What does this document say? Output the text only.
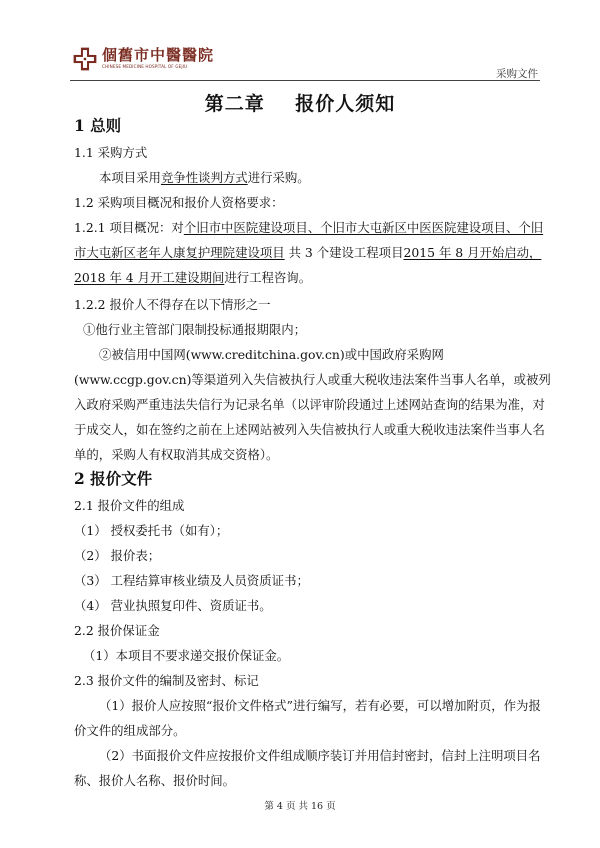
個舊市中醫醫院
CHINESE MEDICINE HOSPITAL OF GEJIU
采购文件
第二章    报价人须知
1 总则

1.1 采购方式

本项目采用竞争性谈判方式进行采购。

1.2 采购项目概况和报价人资格要求：

1.2.1 项目概况：对个旧市中医院建设项目、个旧市大屯新区中医医院建设项目、个旧市大屯新区老年人康复护理院建设项目 共 3 个建设工程项目2015 年 8 月开始启动，2018 年 4 月开工建设期间进行工程咨询。

1.2.2 报价人不得存在以下情形之一

①他行业主管部门限制投标通报期限内；

②被信用中国网(www.creditchina.gov.cn)或中国政府采购网(www.ccgp.gov.cn)等渠道列入失信被执行人或重大税收违法案件当事人名单，或被列入政府采购严重违法失信行为记录名单（以评审阶段通过上述网站查询的结果为准，对于成交人，如在签约之前在上述网站被列入失信被执行人或重大税收违法案件当事人名单的，采购人有权取消其成交资格）。

2 报价文件

2.1 报价文件的组成

（1） 授权委托书（如有）；

（2） 报价表；

（3） 工程结算审核业绩及人员资质证书；

（4） 营业执照复印件、资质证书。

2.2 报价保证金

（1）本项目不要求递交报价保证金。

2.3 报价文件的编制及密封、标记

（1）报价人应按照“报价文件格式”进行编写，若有必要，可以增加附页，作为报价文件的组成部分。

（2）书面报价文件应按报价文件组成顺序装订并用信封密封，信封上注明项目名称、报价人名称、报价时间。

第 4 页 共 16 页
